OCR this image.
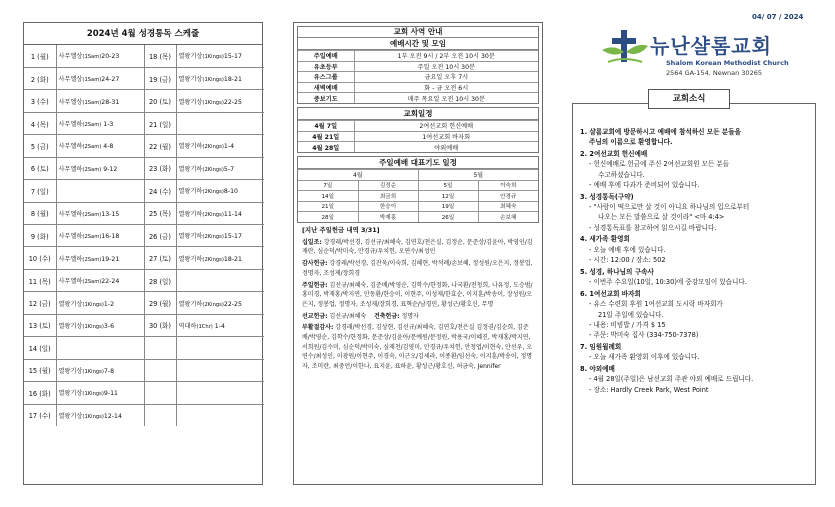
2024년 4월 성경통독 스케줄
1 (월)	사무엘상(1Sam)20-23	18 (목)	열왕기상(1Kings)15-17
2 (화)	사무엘상(1Sam)24-27	19 (금)	열왕기상(1Kings)18-21
3 (수)	사무엘상(1Sam)28-31	20 (토)	열왕기상(1Kings)22-25
4 (목)	사무엘하(2Sam) 1-3	21 (일)	
5 (금)	사무엘하(2Sam) 4-8	22 (월)	열왕기하(2Kings)1-4
6 (토)	사무엘하(2Sam) 9-12	23 (화)	열왕기하(2Kings)5-7
7 (일)		24 (수)	열왕기하(2Kings)8-10
8 (월)	사무엘하(2Sam)13-15	25 (목)	열왕기하(2Kings)11-14
9 (화)	사무엘하(2Sam)16-18	26 (금)	열왕기하(2Kings)15-17
10 (수)	사무엘하(2Sam)19-21	27 (토)	열왕기하(2Kings)18-21
11 (목)	사무엘하(2Sam)22-24	28 (일)	
12 (금)	열왕기상(1Kings)1-2	29 (월)	열왕기하(2Kings)22-25
13 (토)	열왕기상(1Kings)3-6	30 (화)	역대하(1Chr) 1-4
14 (일)			
15 (월)	열왕기상(1Kings)7-8		
16 (화)	열왕기상(1Kings)9-11		
17 (수)	열왕기상(1Kings)12-14		
교회 사역 안내
예배시간 및 모임
주일예배	1부 오전 9시 / 2부 오전 10시 30분
유초등부	주일 오전 10시 30분
유스그룹	금요일 오후 7시
새벽예배	화 - 금 오전 6시
중보기도	매주 목요일 오전 10시 30분
교회일정
4월 7일	2여선교회 헌신예배
4월 21일	1여선교회 바자회
4월 28일	야외예배
주일예배 대표기도 일정
4월		5월	
7일	김정순	5일	이숙희
14일	최금희	12일	안경규
21일	한승이	19일	최혜숙
28일	박재홍	26일	손보혜

[지난 주일헌금 내역 3/31]

십일조: 강경래/박선경, 김선규/최혜숙, 김연호/천은실, 김정순, 문준상/김윤아, 박영인/김재란, 심순덕/박미숙, 안경규/우치헌, 오연수/최성인

감사헌금: 강경래/박선경, 김잔욱/이숙희, 김혜현, 박석례/손보혜, 정성원/오은지, 정봉업, 정명자, 조성제/장희경

주일헌금: 김선규/최혜숙, 김준배/박영순, 김학수/한정화, 나국환/전청희, 나유정, 도승범/홍미경, 박재홍/박지연, 안동환/한승이, 이현주, 이성재/한효순, 이지훈/박송이, 장성원/오은지, 정봉업, 정명자, 조성제/장희경, 표혁순/남경민, 황성근/황호신, 무명

선교헌금: 김선규/최혜숙 건축헌금: 정명자

부활절감사: 강경래/박선경, 김상현, 김선규/최혜숙, 김연호/천은실 김정권/김순희, 김준배/박영순, 김학수/한정화, 문준상/김윤아/문예원/문정원, 박용국/이혜진, 박재홍/박지연, 서희원/김수미, 심순덕/박미숙, 심재천/김영미, 안경규/우치헌, 안청엽/이현숙, 안선우, 오연수/최성인, 이광원/이현주, 이경숙, 이근오/김세라, 이종환/임선숙, 이지훈/박송이, 정명자, 조미란, 최중언/이한나, 표지윤, 표하윤, 황성근/황호신, 허금숙, Jennifer

04/ 07 / 2024
뉴난샬롬교회
Shalom Korean Methodist Church
2564 GA-154, Newnan 30265
교회소식
1. 샬롬교회에 방문하시고 예배에 참석하신 모든 분들을
주님의 이름으로 환영합니다.
2. 2여선교회 헌신예배
- 헌신예배로 헌금에 주신 2여선교회원 모든 분들
수고하셨습니다.
- 예배 후에 다과가 준비되어 있습니다.
3. 성경통독(구약)
- "사람이 떡으로만 살 것이 아니요 하나님의 입으로부터
나오는 모든 말씀으로 살 것이라" <마 4:4>
- 성경통독표를 참고하여 읽으시길 바랍니다.
4. 새가족 환영회
- 오늘 예배 후에 있습니다.
- 시간: 12:00 / 장소: 502
5. 성경, 하나님의 구속사
- 이번주 수요일(10일, 10:30)에 중강모임이 있습니다.
6. 1여선교회 바자회
- 유스 수련회 후원 1여선교회 도시락 바자회가
21일 주일에 있습니다.
- 내용: 비빔밥 / 가격 $ 15
- 주문: 박미숙 집사 (334-750-7378)
7. 임원월례회
- 오늘 새가족 환영회 이후에 있습니다.
8. 야외예배
- 4월 28일(주일)은 남선교회 주관 야외 예배로 드립니다.
- 장소: Hardly Creek Park, West Point
